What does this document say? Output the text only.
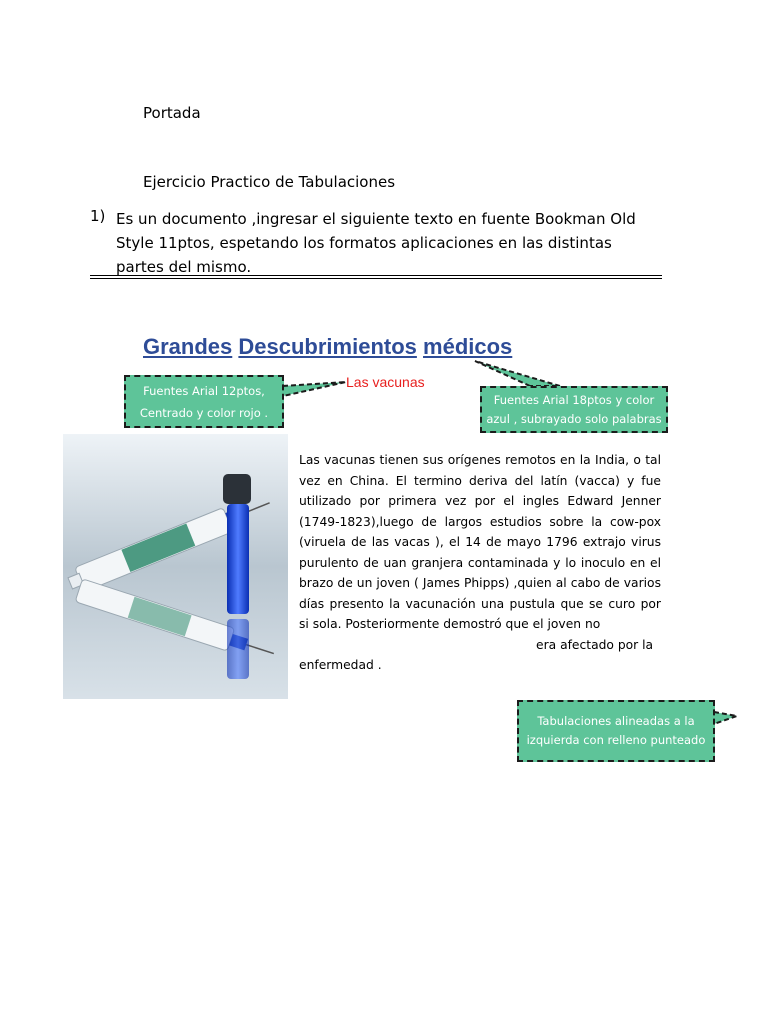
Portada
Ejercicio Practico de Tabulaciones
1) Es un documento ,ingresar el siguiente texto en fuente Bookman Old Style 11ptos, espetando los formatos aplicaciones en las distintas partes del mismo.
Grandes Descubrimientos médicos
Las vacunas
Fuentes Arial 12ptos,
Centrado y color rojo .
Fuentes Arial 18ptos y color azul , subrayado solo palabras
Tabulaciones alineadas a la izquierda con relleno punteado
Las vacunas tienen sus orígenes remotos en la India, o tal vez en China. El termino deriva del latín (vacca) y fue utilizado por primera vez por el ingles Edward Jenner (1749-1823),luego de largos estudios sobre la cow-pox (viruela de las vacas ), el 14 de mayo 1796 extrajo virus purulento de uan granjera contaminada y lo inoculo en el brazo de un joven ( James Phipps) ,quien al cabo de varios días presento la vacunación una pustula que se curo por si sola. Posteriormente demostró que el joven no
era afectado por la
enfermedad .
